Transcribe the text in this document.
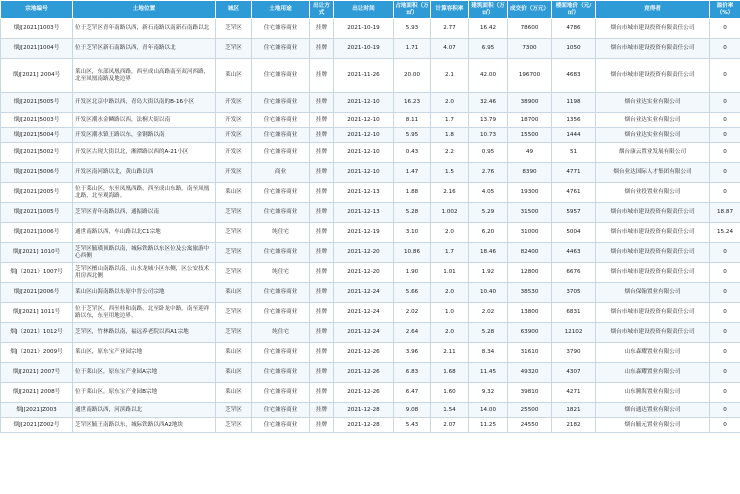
宗地编号	土地位置	城区	土地用途	出让方式	出让时间	占地面积（万㎡）	计算容积率	建筑面积（万㎡）	成交价（万元）	楼面地价（元/㎡）	竞得者	溢价率（%）
烟J[2021]1003号	位于芝罘区青年南路以西，新石南路以南新石南路以北	芝罘区	住宅兼容商业	挂牌	2021-10-19	5.93	2.77	16.42	78600	4786	烟台市城市建设投资有限责任公司	0
烟J[2021]1004号	位于芝罘区新石南路以西，青年南路以北	芝罘区	住宅兼容商业	挂牌	2021-10-19	1.71	4.07	6.95	7300	1050	烟台市城市建设投资有限责任公司	0
烟J[2021] 2004号	莱山区，东部凤凰西路，西至成山高路南至双河西路，北至凤凰南路及地边界	莱山区	住宅兼容商业	挂牌	2021-11-26	20.00	2.1	42.00	196700	4683	烟台市城市建设投资有限责任公司	0
烟J[2021]5005号	开发区北京中路以西，青岛大街以南的B-16小区	开发区	住宅兼容商业	挂牌	2021-12-10	16.23	2.0	32.46	38900	1198	烟台业达实业有限公司	0
烟J[2021]5003号	开发区潮水金鳞路以西，法桐大街以南	开发区	住宅兼容商业	挂牌	2021-12-10	8.11	1.7	13.79	18700	1356	烟台业达实业有限公司	0
烟J[2021]5004号	开发区潮水镇王路以东，金钢路以南	开发区	住宅兼容商业	挂牌	2021-12-10	5.95	1.8	10.73	15500	1444	烟台业达实业有限公司	0
烟J[2021]5002号	开发区古现大街以北，湘潭路以西的A-21小区	开发区	住宅兼容商业	挂牌	2021-12-10	0.43	2.2	0.95	49	51	烟台康云置业发展有限公司	0
烟J[2021]5006号	开发区南河路以北，黄山路以西	开发区	商业	挂牌	2021-12-10	1.47	1.5	2.76	8390	4771	烟台业达国际人才集团有限公司	0
烟J[2021]2005号	位于莱山区，东至凤凰西路，西至成山东路，南至凤凰北路，北至观海路。	莱山区	住宅兼容商业	挂牌	2021-12-13	1.88	2.16	4.05	19300	4761	烟台业投置业有限公司	0
烟J[2021]1005号	芝罘区青年南路以西，通振路以南	芝罘区	住宅兼容商业	挂牌	2021-12-13	5.28	1.002	5.29	31500	5957	烟台市城市建设投资有限责任公司	18.87
烟J[2021]1006号	通世南路以西，车山路以北C1宗地	芝罘区	纯住宅	挂牌	2021-12-19	3.10	2.0	6.20	31000	5004	烟台市城市建设投资有限责任公司	15.24
烟J[2021] 1010号	芝罘区毓璜顶路以南，城际铁路以东区位及公寓旅游中心西侧	芝罘区	住宅兼容商业	挂牌	2021-12-20	10.86	1.7	18.46	82400	4463	烟台市城市建设投资有限责任公司	0
烟J（2021）1007号	芝罘区檀山南路以南，山水龙城小区东侧，区公安技术用房西北侧	芝罘区	纯住宅	挂牌	2021-12-20	1.90	1.01	1.92	12800	6676	烟台市城市建设投资有限责任公司	0
烟J[2021]2006号	莱山区山海南路以东原中晋公司宗地	莱山区	住宅兼容商业	挂牌	2021-12-24	5.66	2.0	10.40	38530	3705	烟台保翰置业有限公司	0
烟J[2021] 1011号	位于芝罘区，西至桂和南路，北至卧龙中路，南至迎祥路以东，东至用地边界。	芝罘区	住宅兼容商业	挂牌	2021-12-24	2.02	1.0	2.02	13800	6831	烟台市城市建设投资有限责任公司	0
烟J（2021）1012号	芝罘区，竹林路以南，福远养老院以西A1宗地	芝罘区	纯住宅	挂牌	2021-12-24	2.64	2.0	5.28	63900	12102	烟台市城市建设投资有限责任公司	0
烟J（2021）2009号	莱山区，原东宝产业园宗地	莱山区	住宅兼容商业	挂牌	2021-12-26	3.96	2.11	8.34	31610	3790	山东森耀置业有限公司	0
烟J[2021] 2007号	位于莱山区，原东宝产业园A宗地	莱山区	住宅兼容商业	挂牌	2021-12-26	6.83	1.68	11.45	49320	4307	山东森耀置业有限公司	0
烟J[2021] 2008号	位于莱山区，原东宝产业园B宗地	莱山区	住宅兼容商业	挂牌	2021-12-26	6.47	1.60	9.32	39810	4271	山东腾海置业有限公司	0
烟J[2021]Z003	通世南路以西，河滨路以北	芝罘区	住宅兼容商业	挂牌	2021-12-28	9.08	1.54	14.00	25500	1821	烟台通达置业有限公司	0
烟J[2021]Z002号	芝罘区毓王南路以东，城际铁路以西A2地块	芝罘区	住宅兼容商业	挂牌	2021-12-28	5.43	2.07	11.25	24550	2182	烟台毓元置业有限公司	0
